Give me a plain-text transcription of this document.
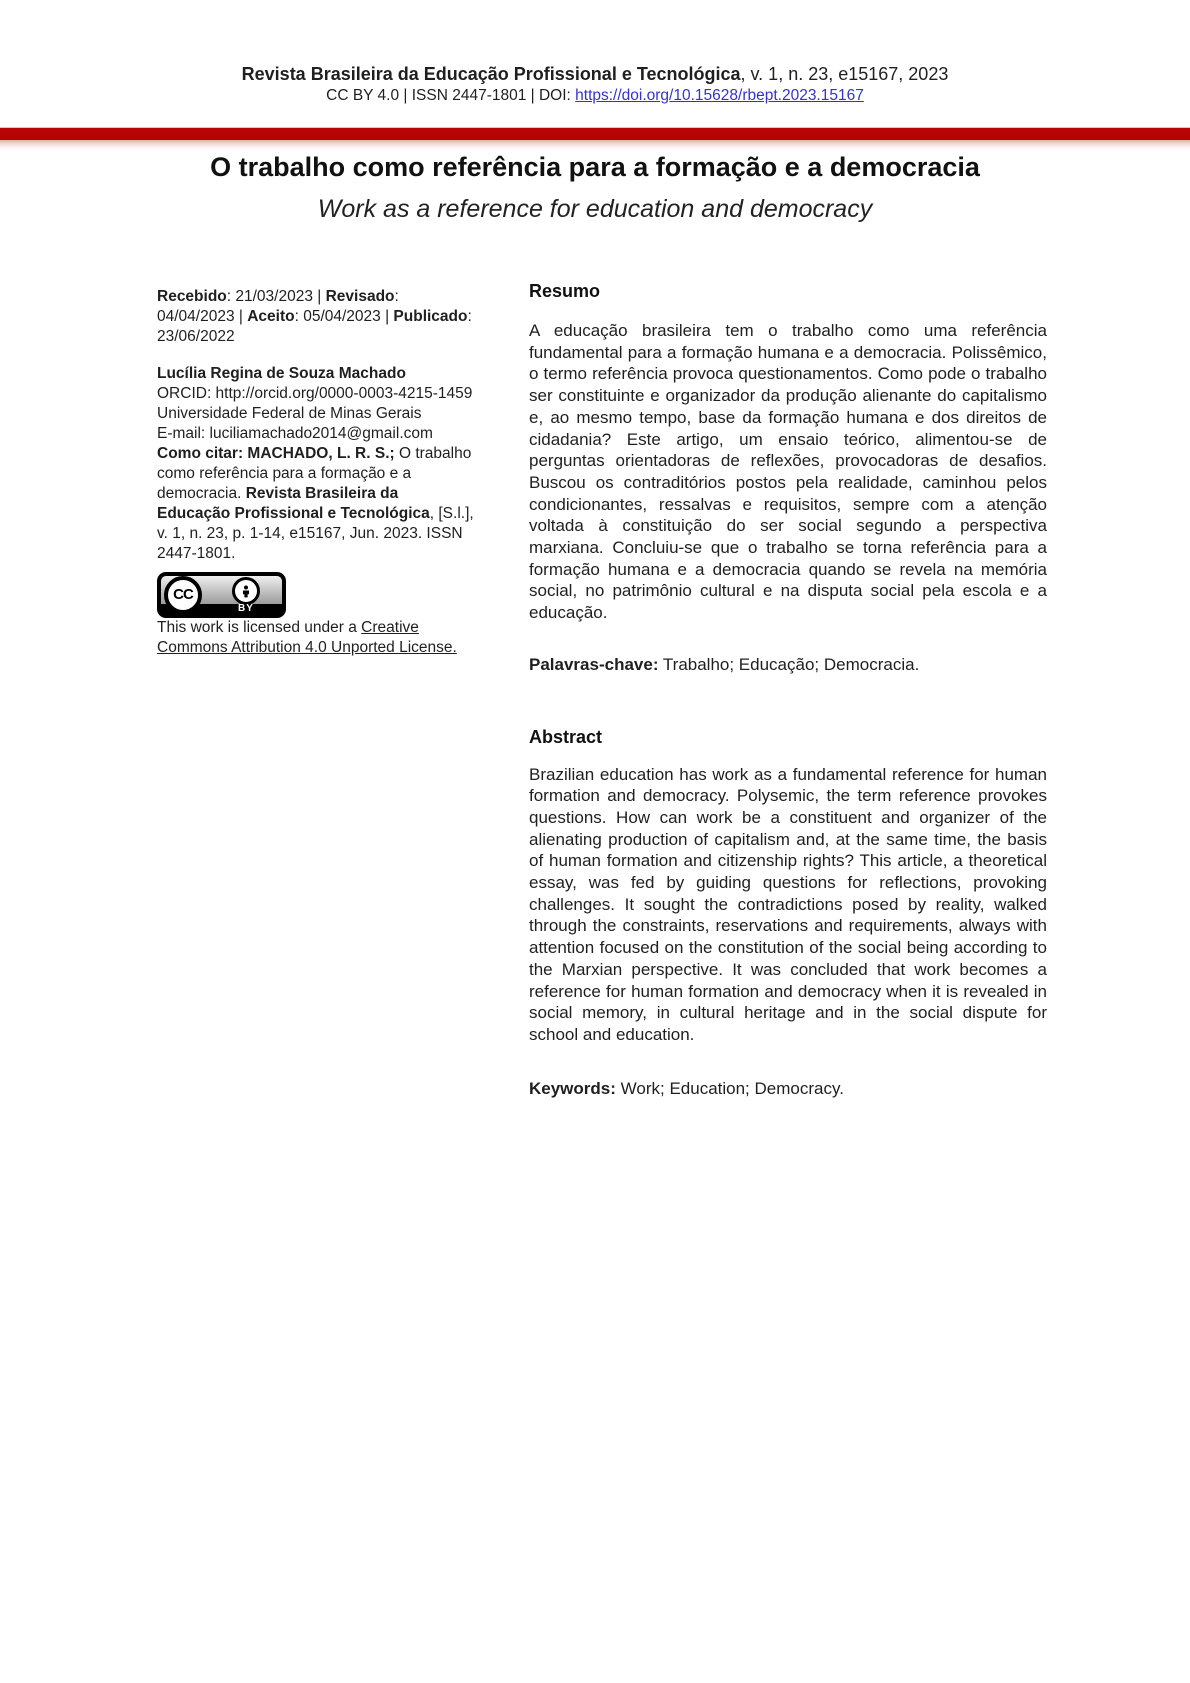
Revista Brasileira da Educação Profissional e Tecnológica, v. 1, n. 23, e15167, 2023
CC BY 4.0 | ISSN 2447-1801 | DOI: https://doi.org/10.15628/rbept.2023.15167
O trabalho como referência para a formação e a democracia
Work as a reference for education and democracy

Recebido: 21/03/2023 | Revisado: 04/04/2023 | Aceito: 05/04/2023 | Publicado: 23/06/2022

Lucília Regina de Souza Machado

ORCID: http://orcid.org/0000-0003-4215-1459

Universidade Federal de Minas Gerais

E-mail: luciliamachado2014@gmail.com

Como citar: MACHADO, L. R. S.; O trabalho como referência para a formação e a democracia. Revista Brasileira da Educação Profissional e Tecnológica, [S.l.], v. 1, n. 23, p. 1-14, e15167, Jun. 2023. ISSN 2447-1801.

CC
BY

This work is licensed under a Creative Commons Attribution 4.0 Unported License.

Resumo

A educação brasileira tem o trabalho como uma referência fundamental para a formação humana e a democracia. Polissêmico, o termo referência provoca questionamentos. Como pode o trabalho ser constituinte e organizador da produção alienante do capitalismo e, ao mesmo tempo, base da formação humana e dos direitos de cidadania? Este artigo, um ensaio teórico, alimentou-se de perguntas orientadoras de reflexões, provocadoras de desafios. Buscou os contraditórios postos pela realidade, caminhou pelos condicionantes, ressalvas e requisitos, sempre com a atenção voltada à constituição do ser social segundo a perspectiva marxiana. Concluiu-se que o trabalho se torna referência para a formação humana e a democracia quando se revela na memória social, no patrimônio cultural e na disputa social pela escola e a educação.

Palavras-chave: Trabalho; Educação; Democracia.

Abstract

Brazilian education has work as a fundamental reference for human formation and democracy. Polysemic, the term reference provokes questions. How can work be a constituent and organizer of the alienating production of capitalism and, at the same time, the basis of human formation and citizenship rights? This article, a theoretical essay, was fed by guiding questions for reflections, provoking challenges. It sought the contradictions posed by reality, walked through the constraints, reservations and requirements, always with attention focused on the constitution of the social being according to the Marxian perspective. It was concluded that work becomes a reference for human formation and democracy when it is revealed in social memory, in cultural heritage and in the social dispute for school and education.

Keywords: Work; Education; Democracy.
